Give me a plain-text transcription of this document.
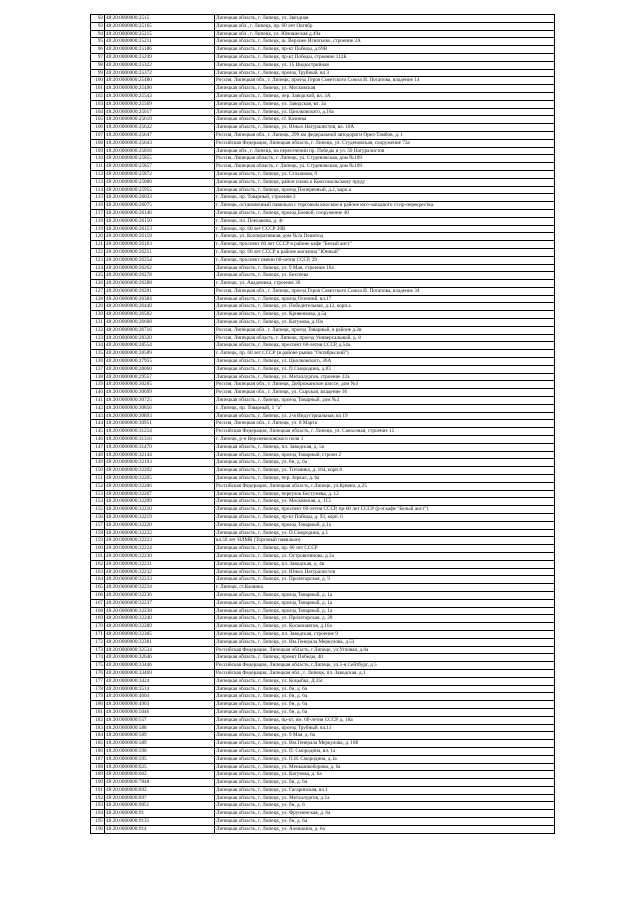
92	48:20:0000000:2515	Липецкая область, г. Липецк, ул. Звездная
93	48:20:0000000:25165	Липецкая обл., г. Липецк, пр. 60 лет Октябр
94	48:20:0000000:25215	Липецкая обл., г. Липецк, ул. Юношеская д.49а
95	48:20:0000000:25211	Липецкая область, г. Липецк, ш. Верхнее Игнатьево, строение 2А
96	48:20:0000000:25186	Липецкая область, г. Липецк, пр-кт Победы, д.69В
97	48:20:0000000:25249	Липецкая область, г. Липецк, пр-кт Победы, строение 112Б
98	48:20:0000000:25322	Липецкая область, г. Липецк, ул. 15 Индюстрийная
99	48:20:0000000:25372	Липецкая область, г. Липецк, проезд Трубный, вл 3
100	48:20:0000000:25480	Россия, Липецкая обл., г. Липецк, проезд Героя Советского Союза И. Потапова, владение 14
101	48:20:0000000:25490	Липецкая область, г. Липецк, ул. Московская
102	48:20:0000000:25543	Липецкая область, г. Липецк, пер. Заводской, вл. 3А
103	48:20:0000000:25569	Липецкая область, г. Липецк, ул. Заводская, вл. 3а
104	48:20:0000000:25617	Липецкая область, г. Липецк, ул. Циолковского, д.16а
105	48:20:0000000:25619	Липецкая область, г. Липецк, ст. Казинка
106	48:20:0000000:25622	Липецкая область, г. Липецк, ул. Юных Натуралистов, вл. 10А
107	48:20:0000000:25647	Россия, Липецкая обл., г. Липецк, 299 км федеральной автодороги Орел-Тамбов, д. 1
108	48:20:0000000:25643	Российская Федерация, Липецкая область, г. Липецк, ул. Студеновская, сооружение 73а
109	48:20:0000000:25816	Липецкая обл., г. Липецк, на пересечении пр. Победы и ул. 50 Натуралистов
110	48:20:0000000:25855	Россия, Липецкая область, г. Липецк, ул. Студеновская, дом №109
111	48:20:0000000:25857	Россия, Липецкая область, г. Липецк, ул. Студеновская, дом №109
112	48:20:0000000:25872	Липецкая область, г. Липецк, ул. Стаханова, 9
113	48:20:0000000:25880	Липецкая область, г. Липецк, район плана к Комсомольскому пруду
114	48:20:0000000:25955	Липецкая область, г. Липецк, проезд Поперечный, д.2, корп.а
115	48:20:0000000:26033	г. Липецк, пр. Товарный, строение 2
116	48:20:0000000:26075	г. Липецк, остановочный павильон с торговым киоском в районе юго-западного ст.пр-перекрестка.
117	48:20:0000000:26146	Липецкая область, г. Липецк, проезд Боевой, сооружение 40
118	48:20:0000000:26150	г. Липецк, пл. Плеханова, д. 4г
119	48:20:0000000:26153	г. Липецк, пр. 60 лет СССР 20В
120	48:20:0000000:26159	г. Липецк, ул. Кооперативная, дом №2а Пешеход
121	48:20:0000000:26163	г. Липецк, проспект 60 лет СССР в районе кафе "Белый аист"
122	48:20:0000000:26251	г. Липецк, пр. 60 лет СССР в районе магазина "Юнный"
123	48:20:0000000:26254	г. Липецк, проспект имени 60-летия СССР, 29
124	48:20:0000000:26262	Липецкая область, г. Липецк, ул. 9 Мая, строение 16а
125	48:20:0000000:26278	Липецкая область, г. Липецк, ул. Бехтеева
126	48:20:0000000:26288	г. Липецк, ул. Академика, строение 36
127	48:20:0000000:26201	Россия, Липецкая обл., г. Липецк, проезд Героя Советского Союза И. Потапова, владение 34
128	48:20:0000000:26384	Липецкая область, г. Липецк, проезд Осенний, вл.17
129	48:20:0000000:26449	Липецкая область, г. Липецк, ул. Победительная, д.12, корп.а
130	48:20:0000000:26582	Липецкая область, г. Липецк, ул. Кривенкова, д.5а
131	48:20:0000000:26608	Липецкая область, г. Липецк, ул. Катукова, д.10а
132	48:20:0000000:26716	Россия, Липецкая обл., г. Липецк, проезд Товарный, в районе д.2в
133	48:20:0000000:28320	Россия, Липецкая область, г. Липецк, проезд Универсальный, д. 8
134	48:20:0000000:28554	Липецкая область, г. Липецк, проспект 60-летия СССР, д.54а
135	48:20:0000000:28589	г. Липецк, пр. 60 лет СССР (в районе рынка "Октябрьский")
136	48:20:0000000:27955	Липецкая область, г. Липецк, ул. Циолковского, 36А
137	48:20:0000000:28060	Липецкая область, г. Липецк, ул. П.Смородина, д.83
138	48:20:0000000:29557	Липецкая область, г. Липецк, ул. Металлургов, строение 22а
139	48:20:0000000:30285	Россия, Липецкая обл., г. Липецк, Доброжанское шоссе, дом №3
140	48:20:0000000:30699	Россия, Липецкая обл., г. Липецк, ул. Сырская, владение 36
141	48:20:0000000:30725	Липецкая область, г. Липецк, проезд Товарный, дом №2
142	48:20:0000000:30856	г. Липецк, пр. Товарный, 1 "а"
143	48:20:0000000:30893	Липецкая область, г. Липецк, ул. 2-я Индустриальная, вл 19
144	48:20:0000000:30951	Россия, Липецкая обл., г. Липецк, ул. 8 Марта
145	48:20:0000000:31254	Российская Федерация, Липецкая область, г. Липецк, ул. Совхозная, строение 15
146	48:20:0000000:31316	г. Липецк, р-н Верхнекеловского поля 1
147	48:20:0000000:31470	Липецкая область, г. Липецк, пл. Заводская, д. 5к
148	48:20:0000000:32144	Липецкая область, г. Липецк, проезд Товарный, строен 2
149	48:20:0000000:32193	Липецкая область, г. Липецк, ул. бн, д. 6а
150	48:20:0000000:32202	Липецкая область, г. Липецк, ул. Титаника, д. 164, корп.6
151	48:20:0000000:32205	Липецкая область, г. Липецк, пер. Зеркал, д. 6а
152	48:20:0000000:32206	Российская Федерация, Липецкая область, г.Липецк, ул.Кувеки, д.25
153	48:20:0000000:32207	Липецкая область, г. Липецк, переулок Бестужева, д. 12
154	48:20:0000000:32209	Липецкая область, г. Липецк, ул. Московская, д. 113
155	48:20:0000000:32210	Липецкая область, г. Липецк, проспект 60-летия СССР, пр-60 лет СССР (р-н кафе "Белый аист")
156	48:20:0000000:32219	Липецкая область, г. Липецк, пр-кт Победы, д. 93, корп. 6
157	48:20:0000000:32220	Липецкая область, г. Липецк, проезд Товарный, д.1а
158	48:20:0000000:32222	Липецкая область, г. Липецк, ул. П.Смородина, д.1
159	48:20:0000000:32223	вл.50 лет НЛМК (Торговый павильон)
160	48:20:0000000:32224	Липецкая область, г. Липецк, пр. 60 лет СССР
161	48:20:0000000:32230	Липецкая область, г. Липецк, ул. Островитянова, д 2а
162	48:20:0000000:32231	Липецкая область, г. Липецк, пл. Заводская, д. 4в
163	48:20:0000000:32232	Липецкая область, г. Липецк, ул. Юных Натуралистов
164	48:20:0000000:32233	Липецкая область, г. Липецк, ул. Пролетарская, д. 9
165	48:20:0000000:32234	г. Липецк, ст.Казинка
166	48:20:0000000:32236	Липецкая область, г. Липецк, проезд Товарный, д. 1а
167	48:20:0000000:32237	Липецкая область, г. Липецк, проезд Товарный, д. 1а
168	48:20:0000000:32238	Липецкая область, г. Липецк, проезд Товарный, д. 1а
169	48:20:0000000:32240	Липецкая область, г. Липецк, ул. Пролетарская, д. 28
170	48:20:0000000:32289	Липецкая область, г. Липецк, ул. Космонавтов, д.16а
171	48:20:0000000:32305	Липецкая область, г. Липецк, пл. Заводская, строение 9
172	48:20:0000000:32381	Липецкая область, г. Липецк, ул. Им.Генерала Меркулова, д.53
173	48:20:0000000:32534	Российская Федерация, Липецкая область, г.Липецк, ул.Угловая, д.8а
174	48:20:0000000:32646	Липецкая область, г. Липецк, проект Победы, 40
175	48:20:0000000:33446	Российская Федерация, Липецкая область, г.Липецк, ул.5-я Сейтбург, д.5
176	48:20:0000000:33469	Российская Федерация, Липецкая обл., г. Липецк, пл. Заводская, д.1
177	48:20:0000000:3424	Липецкая область, г. Липецк, ул. Коцыбка, Д.35г
178	48:20:0000000:3514	Липецкая область, г. Липецк, ул. бн, д. 6а
179	48:20:0000000:4604	Липецкая область, г. Липецк, ул. бн, д. 6а
180	48:20:0000000:4903	Липецкая область, г. Липецк, ул. бн, д. 6а
181	48:20:0000000:5046	Липецкая область, г. Липецк, ул. бн, д. 6а
182	48:20:0000000:557	Липецкая область, г. Липецк, пр-кт. им. 60-летия СССР, д. 18а
183	48:20:0000000:588	Липецкая область, г. Липецк, проезд Трубный, вл.11
184	48:20:0000000:589	Липецкая область, г. Липецк, ул. 9 Мая, д. 6а
185	48:20:0000000:589	Липецкая область, г. Липецк, ул. Им.Генерала Меркулова, д. 18б
186	48:20:0000000:590	Липецкая область, г. Липецк, ул. П. Смородина, вл. 1а
187	48:20:0000000:595	Липецкая область, г. Липецк, ул. П.Н. Смородина, д.1а
188	48:20:0000000:625	Липецкая область, г. Липецк, ул. Меньшикоборова, д. 6а
189	48:20:0000000:662	Липецкая область, г. Липецк, ул. Катукова, д. 6а
190	48:20:0000000:7848	Липецкая область, г. Липецк, ул. бн, д. 6а
191	48:20:0000000:892	Липецкая область, г. Липецк, ул. Гагаринская, вл.1
192	48:20:0000000:897	Липецкая область, г. Липецк, ул. Металлургов, д.1а
193	48:20:0000000:9051	Липецкая область, г. Липецк, ул. бн, д. 6
194	48:20:0000000:91	Липецкая область, г. Липецк, ул. Фрунзенская, д. 6а
195	48:20:0000000:9131	Липецкая область, г. Липецк, ул. бн, д. 6а
196	48:20:0000000:914	Липецкая область, г. Липецк, ул. Алешкина, д. 6а
